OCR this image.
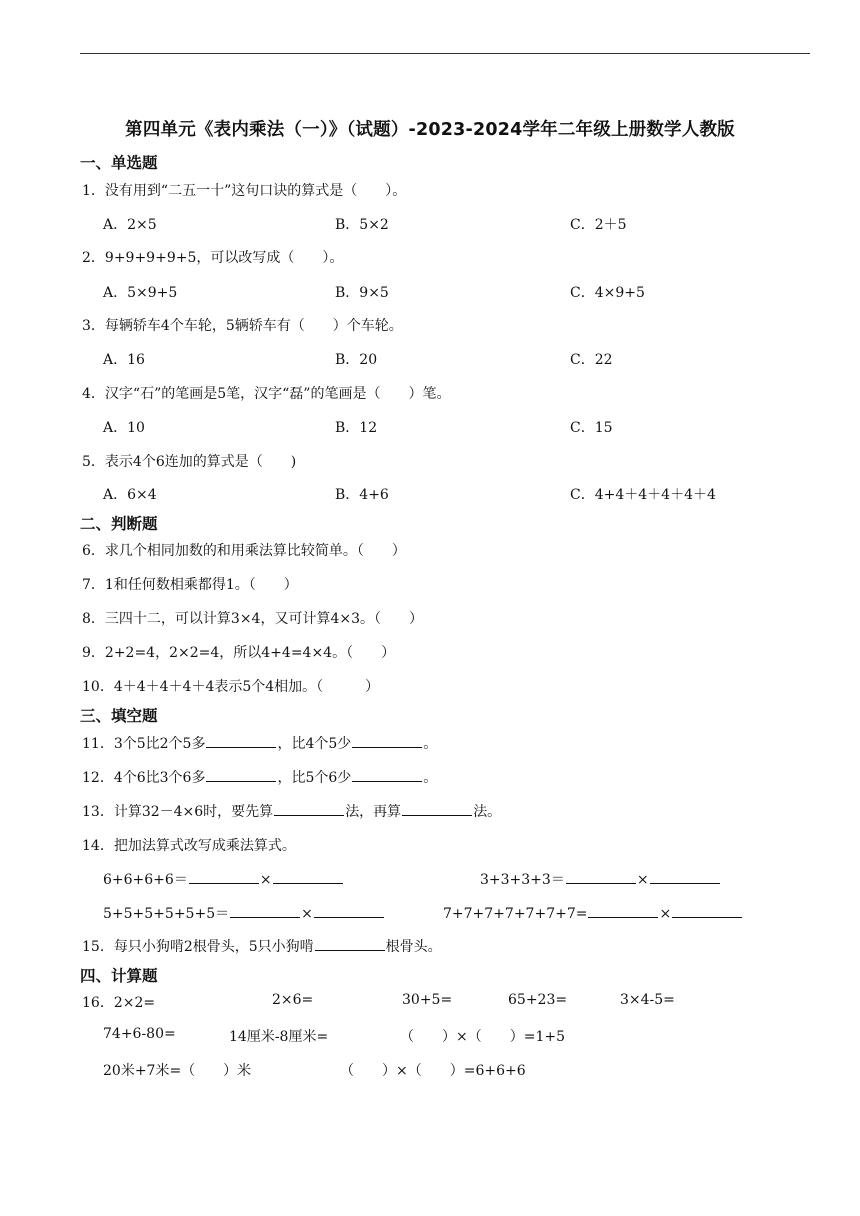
第四单元《表内乘法（一）》（试题）-2023-2024学年二年级上册数学人教版
一、单选题
1．没有用到“二五一十”这句口诀的算式是（　　）。
A．2×5	B．5×2	C．2＋5
2．9+9+9+9+5，可以改写成（　　）。
A．5×9+5	B．9×5	C．4×9+5
3．每辆轿车4个车轮，5辆轿车有（　　）个车轮。
A．16	B．20	C．22
4．汉字“石”的笔画是5笔，汉字“磊”的笔画是（　　）笔。
A．10	B．12	C．15
5．表示4个6连加的算式是（　　)
A．6×4	B．4+6	C．4+4＋4＋4＋4＋4
二、判断题
6．求几个相同加数的和用乘法算比较简单。（　　）
7．1和任何数相乘都得1。（　　）
8．三四十二，可以计算3×4，又可计算4×3。（　　）
9．2+2=4，2×2=4，所以4+4=4×4。（　　）
10．4＋4＋4＋4＋4表示5个4相加。（　　　）
三、填空题
11．3个5比2个5多	，比4个5少	。
12．4个6比3个6多	，比5个6少	。
13．计算32－4×6时，要先算	法，再算	法。
14．把加法算式改写成乘法算式。
6+6+6+6＝	×	3+3+3+3＝	×
5+5+5+5+5+5＝	×	7+7+7+7+7+7+7=	×
15．每只小狗啃2根骨头，5只小狗啃	根骨头。
四、计算题
16．2×2=	2×6=	30+5=	65+23=	3×4-5=
74+6-80=	14厘米-8厘米=	（　　）×（　　）=1+5
20米+7米=（　　）米	（　　）×（　　）=6+6+6
